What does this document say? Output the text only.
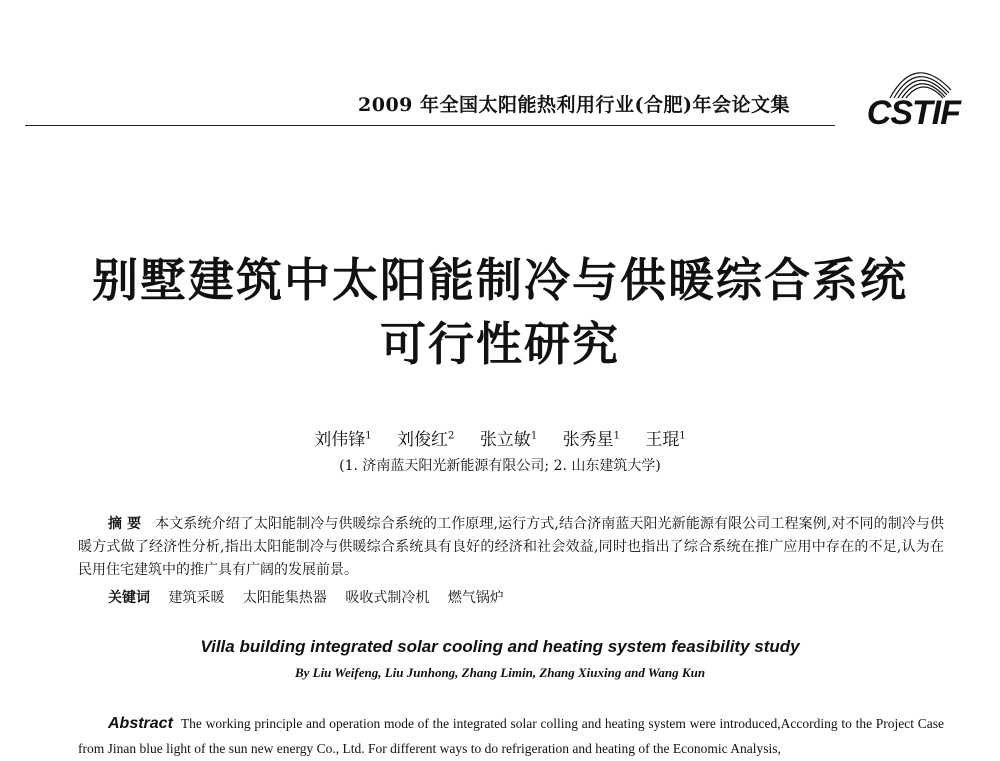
2009 年全国太阳能热利用行业(合肥)年会论文集 CSTIF
别墅建筑中太阳能制冷与供暖综合系统
可行性研究
刘伟锋$^1$ 刘俊红$^2$ 张立敏$^1$ 张秀星$^1$ 王琨$^1$
(1. 济南蓝天阳光新能源有限公司; 2. 山东建筑大学)
摘 要 本文系统介绍了太阳能制冷与供暖综合系统的工作原理,运行方式,结合济南蓝天阳光新能源有限公司工程案例,对不同的制冷与供暖方式做了经济性分析,指出太阳能制冷与供暖综合系统具有良好的经济和社会效益,同时也指出了综合系统在推广应用中存在的不足,认为在民用住宅建筑中的推广具有广阔的发展前景。
关键词 建筑采暖 太阳能集热器 吸收式制冷机 燃气锅炉
Villa building integrated solar cooling and heating system feasibility study
By Liu Weifeng, Liu Junhong, Zhang Limin, Zhang Xiuxing and Wang Kun
Abstract The working principle and operation mode of the integrated solar colling and heating system were introduced,According to the Project Case from Jinan blue light of the sun new energy Co., Ltd. For different ways to do refrigeration and heating of the Economic Analysis,
